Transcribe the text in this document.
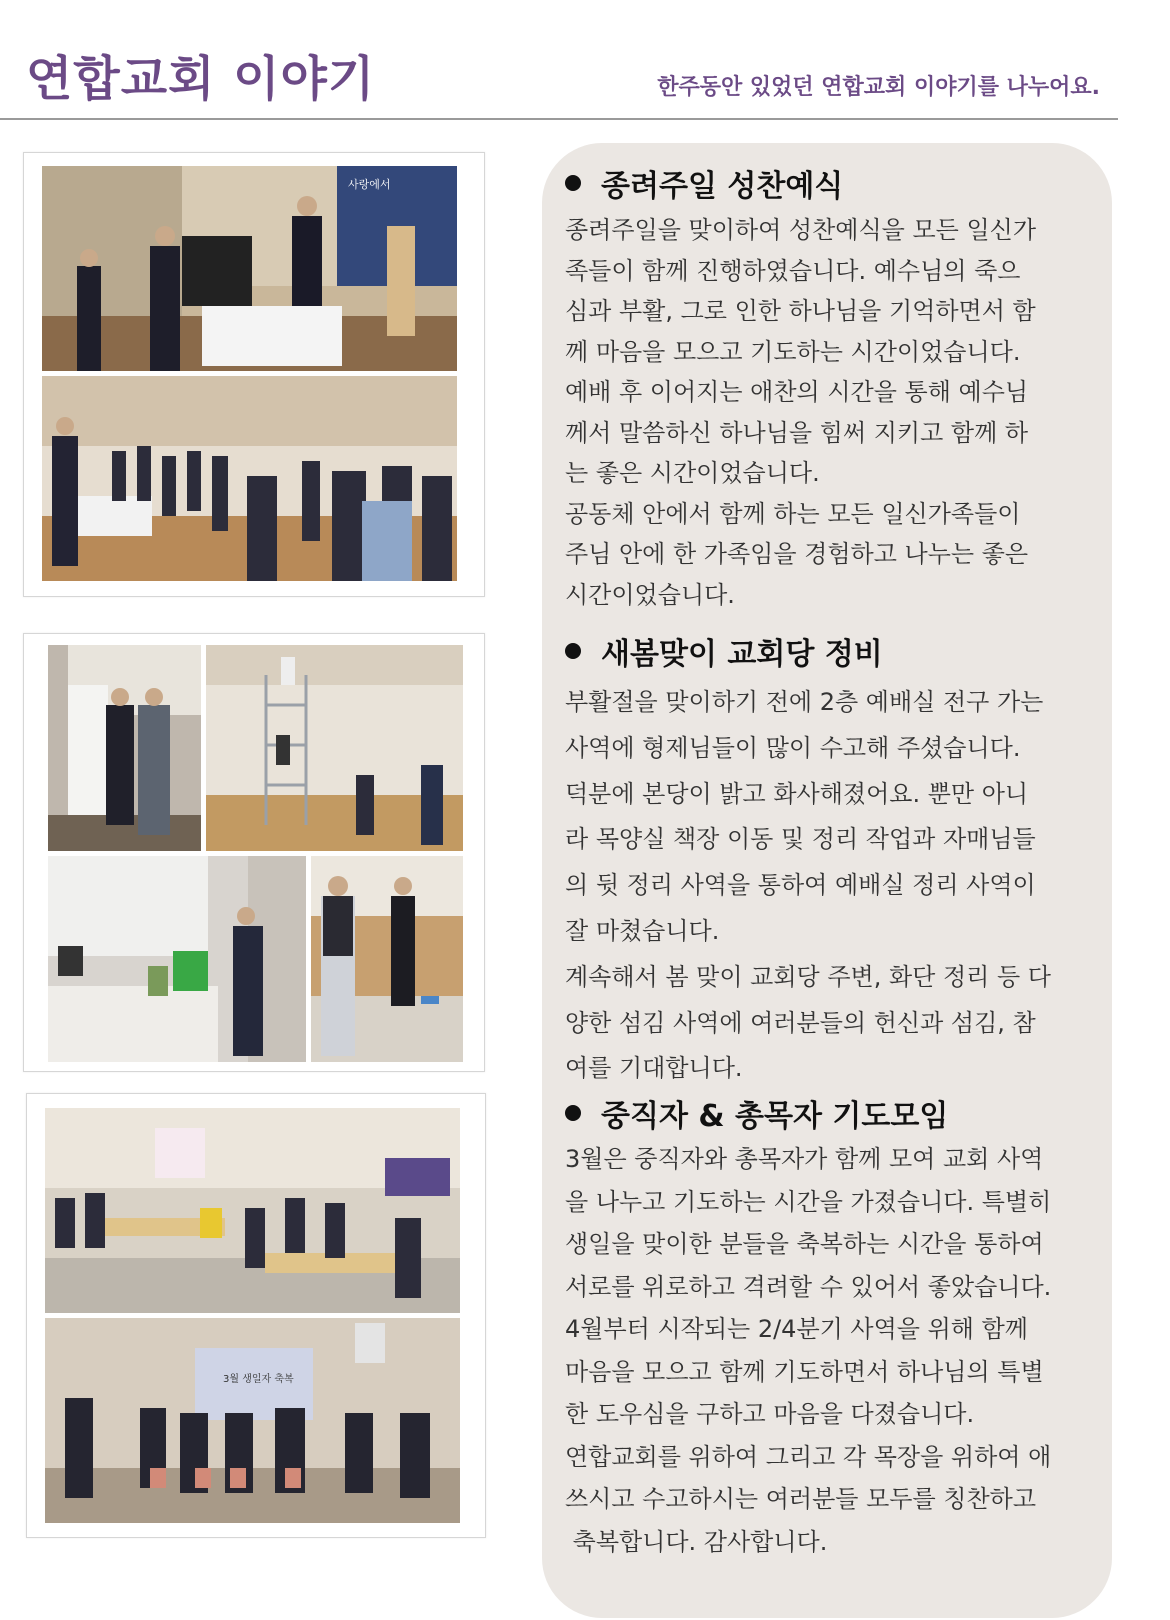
연합교회 이야기	한주동안 있었던 연합교회 이야기를 나누어요.
사랑에서
3월 생일자 축복
종려주일 성찬예식
종려주일을 맞이하여 성찬예식을 모든 일신가
족들이 함께 진행하였습니다. 예수님의 죽으
심과 부활, 그로 인한 하나님을 기억하면서 함
께 마음을 모으고 기도하는 시간이었습니다.
예배 후 이어지는 애찬의 시간을 통해 예수님
께서 말씀하신 하나님을 힘써 지키고 함께 하
는 좋은 시간이었습니다.
공동체 안에서 함께 하는 모든 일신가족들이
주님 안에 한 가족임을 경험하고 나누는 좋은
시간이었습니다.
새봄맞이 교회당 정비
부활절을 맞이하기 전에 2층 예배실 전구 가는
사역에 형제님들이 많이 수고해 주셨습니다.
덕분에 본당이 밝고 화사해졌어요. 뿐만 아니
라 목양실 책장 이동 및 정리 작업과 자매님들
의 뒷 정리 사역을 통하여 예배실 정리 사역이
잘 마쳤습니다.
계속해서 봄 맞이 교회당 주변, 화단 정리 등 다
양한 섬김 사역에 여러분들의 헌신과 섬김, 참
여를 기대합니다.
중직자 & 총목자 기도모임
3월은 중직자와 총목자가 함께 모여 교회 사역
을 나누고 기도하는 시간을 가졌습니다. 특별히
생일을 맞이한 분들을 축복하는 시간을 통하여
서로를 위로하고 격려할 수 있어서 좋았습니다.
4월부터 시작되는 2/4분기 사역을 위해 함께
마음을 모으고 함께 기도하면서 하나님의 특별
한 도우심을 구하고 마음을 다졌습니다.
연합교회를 위하여 그리고 각 목장을 위하여 애
쓰시고 수고하시는 여러분들 모두를 칭찬하고
축복합니다. 감사합니다.
